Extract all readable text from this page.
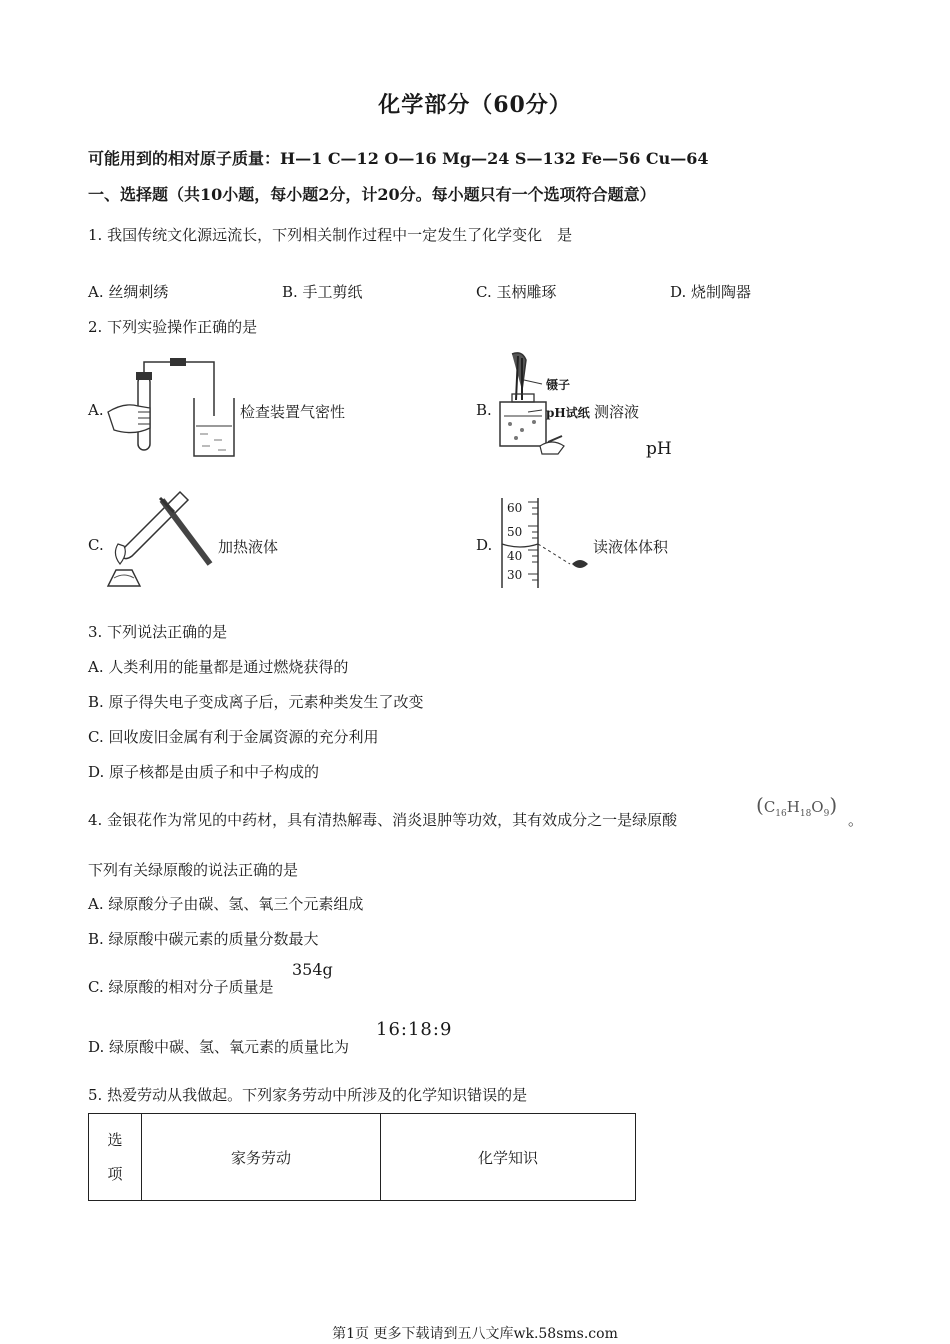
化学部分（60分）
可能用到的相对原子质量：H—1 C—12 O—16 Mg—24 S—132 Fe—56 Cu—64
一、选择题（共10小题，每小题2分，计20分。每小题只有一个选项符合题意）
1. 我国传统文化源远流长，下列相关制作过程中一定发生了化学变化　是
A. 丝绸刺绣	B. 手工剪纸	C. 玉柄雕琢	D. 烧制陶器
2. 下列实验操作正确的是
A.	检查装置气密性	B.
镊子
pH试纸 测溶液
pH
C.	加热液体	D.
60
50
40
30
读液体体积
3. 下列说法正确的是
A. 人类利用的能量都是通过燃烧获得的
B. 原子得失电子变成离子后，元素种类发生了改变
C. 回收废旧金属有利于金属资源的充分利用
D. 原子核都是由质子和中子构成的
4. 金银花作为常见的中药材，具有清热解毒、消炎退肿等功效，其有效成分之一是绿原酸
$(C_{16}H_{18}O_9)$
。
下列有关绿原酸的说法正确的是
A. 绿原酸分子由碳、氢、氧三个元素组成
B. 绿原酸中碳元素的质量分数最大
C. 绿原酸的相对分子质量是
354g
D. 绿原酸中碳、氢、氧元素的质量比为
16:18:9
5. 热爱劳动从我做起。下列家务劳动中所涉及的化学知识错误的是
选
项	家务劳动	化学知识
第1页 更多下载请到五八文库wk.58sms.com
